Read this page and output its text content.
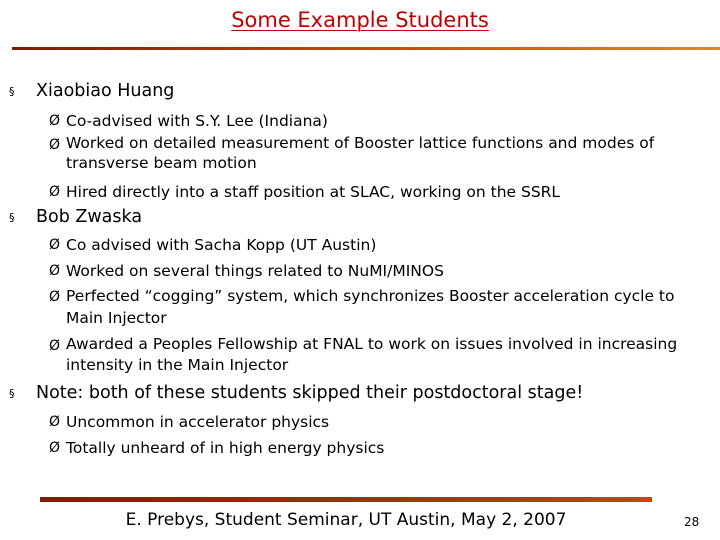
Some Example Students
§ Xiaobiao Huang
Ø Co-advised with S.Y. Lee (Indiana)
Ø Worked on detailed measurement of Booster lattice functions and modes of transverse beam motion
Ø Hired directly into a staff position at SLAC, working on the SSRL
§ Bob Zwaska
Ø Co advised with Sacha Kopp (UT Austin)
Ø Worked on several things related to NuMI/MINOS
Ø Perfected “cogging” system, which synchronizes Booster acceleration cycle to Main Injector
Ø Awarded a Peoples Fellowship at FNAL to work on issues involved in increasing intensity in the Main Injector
§ Note: both of these students skipped their postdoctoral stage!
Ø Uncommon in accelerator physics
Ø Totally unheard of in high energy physics
E. Prebys, Student Seminar, UT Austin, May 2, 2007	28
